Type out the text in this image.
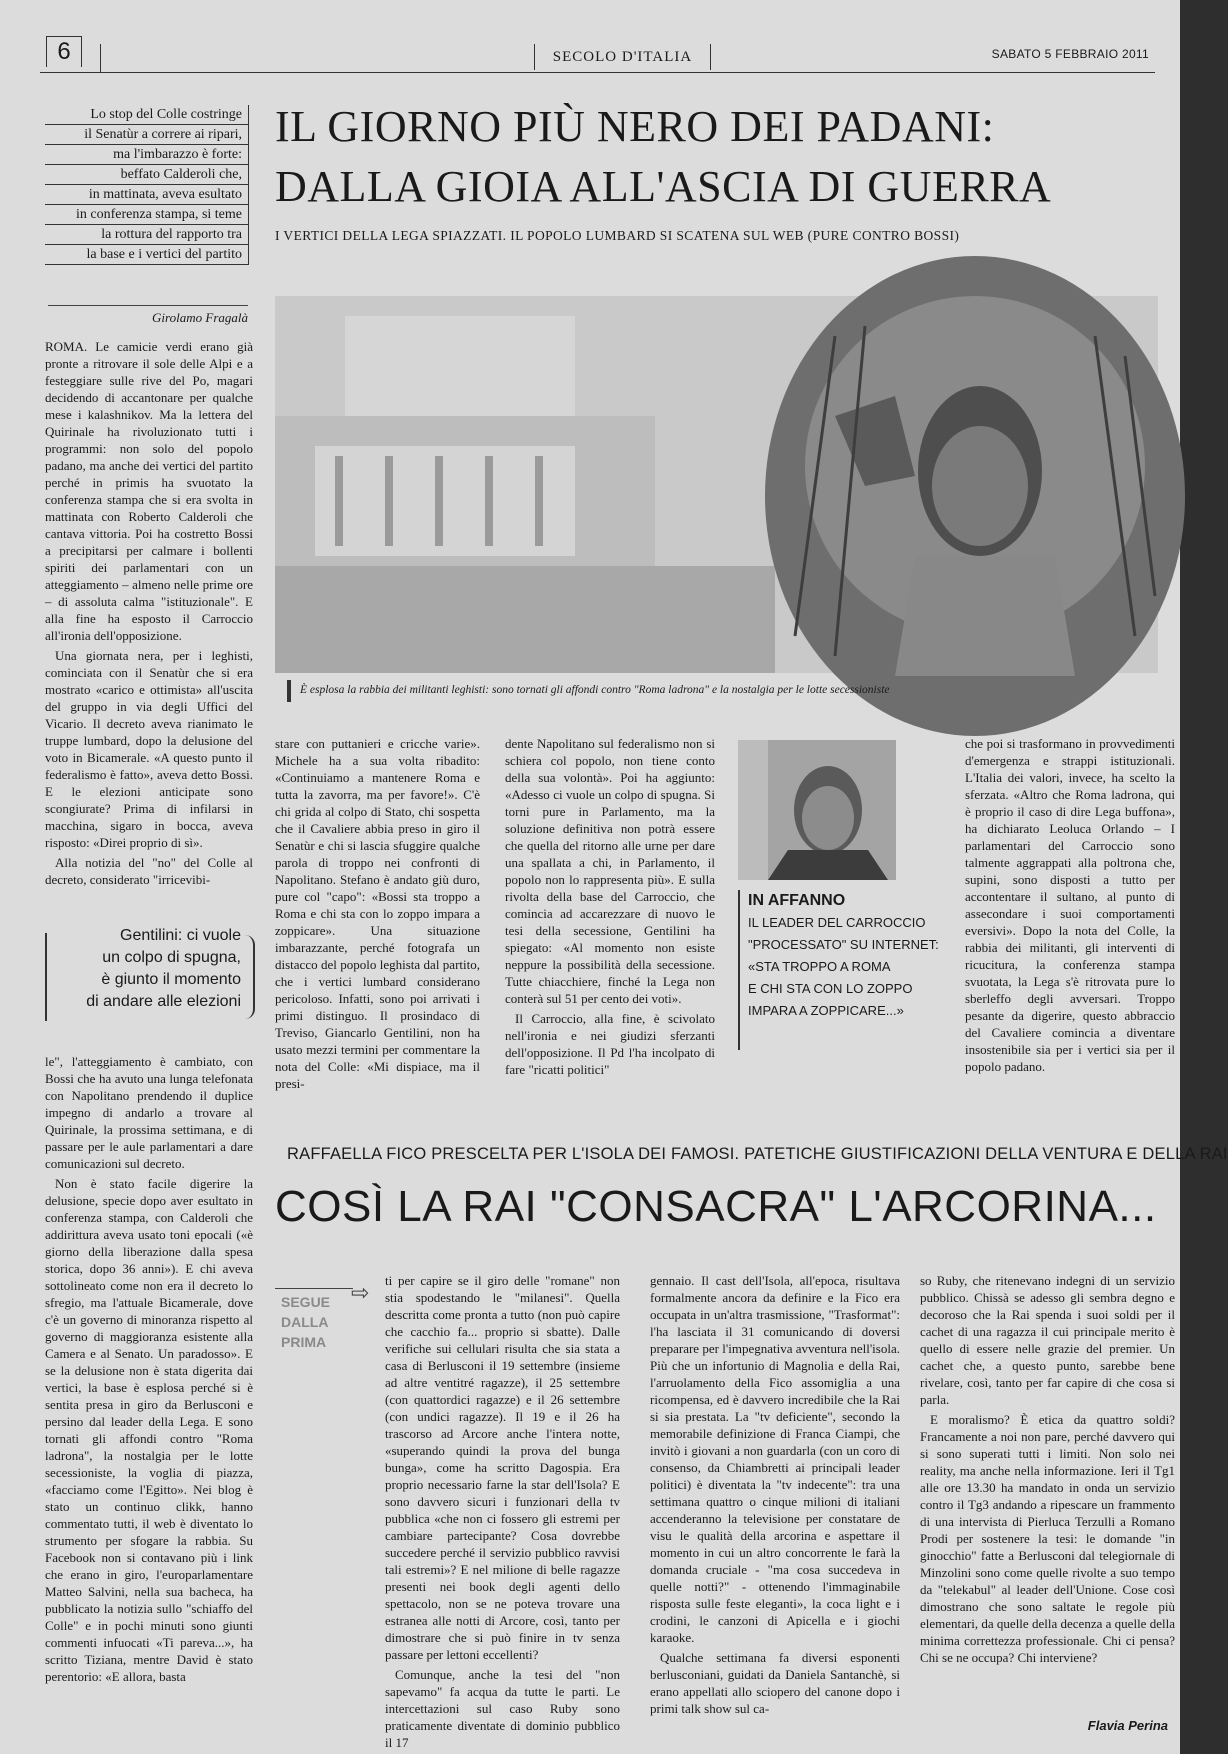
6	SECOLO D'ITALIA	SABATO 5 FEBBRAIO 2011
Lo stop del Colle costringe
il Senatùr a correre ai ripari,
ma l'imbarazzo è forte:
beffato Calderoli che,
in mattinata, aveva esultato
in conferenza stampa, si teme
la rottura del rapporto tra
la base e i vertici del partito
IL GIORNO PIÙ NERO DEI PADANI:
DALLA GIOIA ALL'ASCIA DI GUERRA
I VERTICI DELLA LEGA SPIAZZATI. IL POPOLO LUMBARD SI SCATENA SUL WEB (PURE CONTRO BOSSI)
Girolamo Fragalà
È esplosa la rabbia dei militanti leghisti: sono tornati gli affondi contro "Roma ladrona" e la nostalgia per le lotte secessioniste

ROMA. Le camicie verdi erano già pronte a ritrovare il sole delle Alpi e a festeggiare sulle rive del Po, magari decidendo di accantonare per qualche mese i kalashnikov. Ma la lettera del Quirinale ha rivoluzionato tutti i programmi: non solo del popolo padano, ma anche dei vertici del partito perché in primis ha svuotato la conferenza stampa che si era svolta in mattinata con Roberto Calderoli che cantava vittoria. Poi ha costretto Bossi a precipitarsi per calmare i bollenti spiriti dei parlamentari con un atteggiamento – almeno nelle prime ore – di assoluta calma "istituzionale". E alla fine ha esposto il Carroccio all'ironia dell'opposizione.

Una giornata nera, per i leghisti, cominciata con il Senatùr che si era mostrato «carico e ottimista» all'uscita del gruppo in via degli Uffici del Vicario. Il decreto aveva rianimato le truppe lumbard, dopo la delusione del voto in Bicamerale. «A questo punto il federalismo è fatto», aveva detto Bossi. E le elezioni anticipate sono scongiurate? Prima di infilarsi in macchina, sigaro in bocca, aveva risposto: «Direi proprio di sì».

Alla notizia del "no" del Colle al decreto, considerato "irricevibi-

Gentilini: ci vuole
un colpo di spugna,
è giunto il momento
di andare alle elezioni

le", l'atteggiamento è cambiato, con Bossi che ha avuto una lunga telefonata con Napolitano prendendo il duplice impegno di andarlo a trovare al Quirinale, la prossima settimana, e di passare per le aule parlamentari a dare comunicazioni sul decreto.

Non è stato facile digerire la delusione, specie dopo aver esultato in conferenza stampa, con Calderoli che addirittura aveva usato toni epocali («è giorno della liberazione dalla spesa storica, dopo 36 anni»). E chi aveva sottolineato come non era il decreto lo sfregio, ma l'attuale Bicamerale, dove c'è un governo di minoranza rispetto al governo di maggioranza esistente alla Camera e al Senato. Un paradosso». E se la delusione non è stata digerita dai vertici, la base è esplosa perché si è sentita presa in giro da Berlusconi e persino dal leader della Lega. E sono tornati gli affondi contro "Roma ladrona", la nostalgia per le lotte secessioniste, la voglia di piazza, «facciamo come l'Egitto». Nei blog è stato un continuo clikk, hanno commentato tutti, il web è diventato lo strumento per sfogare la rabbia. Su Facebook non si contavano più i link che erano in giro, l'europarlamentare Matteo Salvini, nella sua bacheca, ha pubblicato la notizia sullo "schiaffo del Colle" e in pochi minuti sono giunti commenti infuocati «Ti pareva...», ha scritto Tiziana, mentre David è stato perentorio: «E allora, basta

stare con puttanieri e cricche varie». Michele ha a sua volta ribadito: «Continuiamo a mantenere Roma e tutta la zavorra, ma per favore!». C'è chi grida al colpo di Stato, chi sospetta che il Cavaliere abbia preso in giro il Senatùr e chi si lascia sfuggire qualche parola di troppo nei confronti di Napolitano. Stefano è andato giù duro, pure col "capo": «Bossi sta troppo a Roma e chi sta con lo zoppo impara a zoppicare». Una situazione imbarazzante, perché fotografa un distacco del popolo leghista dal partito, che i vertici lumbard considerano pericoloso. Infatti, sono poi arrivati i primi distinguo. Il prosindaco di Treviso, Giancarlo Gentilini, non ha usato mezzi termini per commentare la nota del Colle: «Mi dispiace, ma il presi-

dente Napolitano sul federalismo non si schiera col popolo, non tiene conto della sua volontà». Poi ha aggiunto: «Adesso ci vuole un colpo di spugna. Si torni pure in Parlamento, ma la soluzione definitiva non potrà essere che quella del ritorno alle urne per dare una spallata a chi, in Parlamento, il popolo non lo rappresenta più». E sulla rivolta della base del Carroccio, che comincia ad accarezzare di nuovo le tesi della secessione, Gentilini ha spiegato: «Al momento non esiste neppure la possibilità della secessione. Tutte chiacchiere, finché la Lega non conterà sul 51 per cento dei voti».

Il Carroccio, alla fine, è scivolato nell'ironia e nei giudizi sferzanti dell'opposizione. Il Pd l'ha incolpato di fare "ricatti politici"

IN AFFANNO
IL LEADER DEL CARROCCIO
"PROCESSATO" SU INTERNET:
«STA TROPPO A ROMA
E CHI STA CON LO ZOPPO
IMPARA A ZOPPICARE...»

che poi si trasformano in provvedimenti d'emergenza e strappi istituzionali. L'Italia dei valori, invece, ha scelto la sferzata. «Altro che Roma ladrona, qui è proprio il caso di dire Lega buffona», ha dichiarato Leoluca Orlando – I parlamentari del Carroccio sono talmente aggrappati alla poltrona che, supini, sono disposti a tutto per accontentare il sultano, al punto di assecondare i suoi comportamenti eversivi». Dopo la nota del Colle, la rabbia dei militanti, gli interventi di ricucitura, la conferenza stampa svuotata, la Lega s'è ritrovata pure lo sberleffo degli avversari. Troppo pesante da digerire, questo abbraccio del Cavaliere comincia a diventare insostenibile sia per i vertici sia per il popolo padano.

RAFFAELLA FICO PRESCELTA PER L'ISOLA DEI FAMOSI. PATETICHE GIUSTIFICAZIONI DELLA VENTURA E DELLA RAI
COSÌ LA RAI "CONSACRA" L'ARCORINA...
SEGUE
DALLA
PRIMA
⇨ ti per capire se il giro delle "romane" non stia spodestando le "milanesi". Quella descritta come pronta a tutto (non può capire che cacchio fa... proprio si sbatte). Dalle verifiche sui cellulari risulta che sia stata a casa di Berlusconi il 19 settembre (insieme ad altre ventitré ragazze), il 25 settembre (con quattordici ragazze) e il 26 settembre (con undici ragazze). Il 19 e il 26 ha trascorso ad Arcore anche l'intera notte, «superando quindi la prova del bunga bunga», come ha scritto Dagospia. Era proprio necessario farne la star dell'Isola? E sono davvero sicuri i funzionari della tv pubblica «che non ci fossero gli estremi per cambiare partecipante? Cosa dovrebbe succedere perché il servizio pubblico ravvisi tali estremi»? E nel milione di belle ragazze presenti nei book degli agenti dello spettacolo, non se ne poteva trovare una estranea alle notti di Arcore, così, tanto per dimostrare che si può finire in tv senza passare per lettoni eccellenti?

Comunque, anche la tesi del "non sapevamo" fa acqua da tutte le parti. Le intercettazioni sul caso Ruby sono praticamente diventate di dominio pubblico il 17

gennaio. Il cast dell'Isola, all'epoca, risultava formalmente ancora da definire e la Fico era occupata in un'altra trasmissione, "Trasformat": l'ha lasciata il 31 comunicando di doversi preparare per l'impegnativa avventura nell'isola. Più che un infortunio di Magnolia e della Rai, l'arruolamento della Fico assomiglia a una ricompensa, ed è davvero incredibile che la Rai si sia prestata. La "tv deficiente", secondo la memorabile definizione di Franca Ciampi, che invitò i giovani a non guardarla (con un coro di consenso, da Chiambretti ai principali leader politici) è diventata la "tv indecente": tra una settimana quattro o cinque milioni di italiani accenderanno la televisione per constatare de visu le qualità della arcorina e aspettare il momento in cui un altro concorrente le farà la domanda cruciale - "ma cosa succedeva in quelle notti?" - ottenendo l'immaginabile risposta sulle feste eleganti», la coca light e i crodini, le canzoni di Apicella e i giochi karaoke.

Qualche settimana fa diversi esponenti berlusconiani, guidati da Daniela Santanchè, si erano appellati allo sciopero del canone dopo i primi talk show sul ca-

so Ruby, che ritenevano indegni di un servizio pubblico. Chissà se adesso gli sembra degno e decoroso che la Rai spenda i suoi soldi per il cachet di una ragazza il cui principale merito è quello di essere nelle grazie del premier. Un cachet che, a questo punto, sarebbe bene rivelare, così, tanto per far capire di che cosa si parla.

E moralismo? È etica da quattro soldi? Francamente a noi non pare, perché davvero qui si sono superati tutti i limiti. Non solo nei reality, ma anche nella informazione. Ieri il Tg1 alle ore 13.30 ha mandato in onda un servizio contro il Tg3 andando a ripescare un frammento di una intervista di Pierluca Terzulli a Romano Prodi per sostenere la tesi: le domande "in ginocchio" fatte a Berlusconi dal telegiornale di Minzolini sono come quelle rivolte a suo tempo da "telekabul" al leader dell'Unione. Cose così dimostrano che sono saltate le regole più elementari, da quelle della decenza a quelle della minima correttezza professionale. Chi ci pensa? Chi se ne occupa? Chi interviene?

Flavia Perina
